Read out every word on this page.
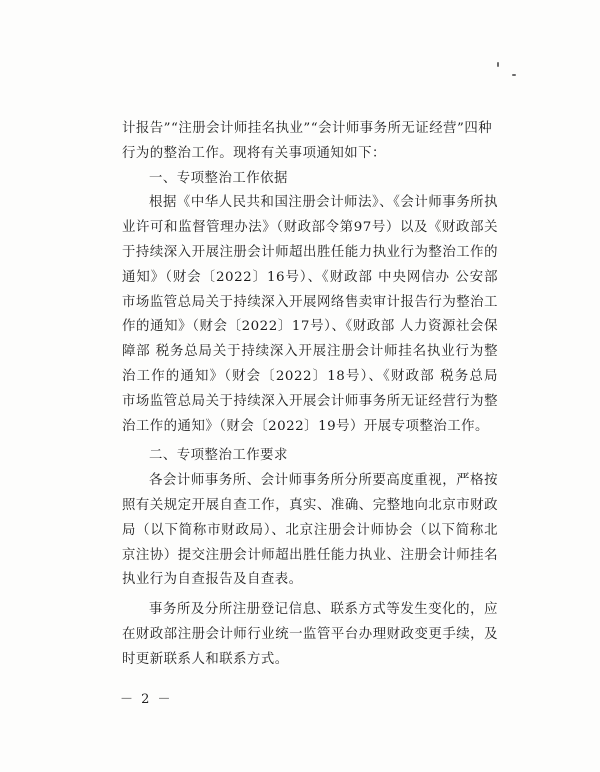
计报告”“注册会计师挂名执业”“会计师事务所无证经营”四种

行为的整治工作。现将有关事项通知如下：

一、专项整治工作依据

根据《中华人民共和国注册会计师法》、《会计师事务所执业许可和监督管理办法》（财政部令第97号）以及《财政部关于持续深入开展注册会计师超出胜任能力执业行为整治工作的通知》（财会〔2022〕16号）、《财政部 中央网信办 公安部 市场监管总局关于持续深入开展网络售卖审计报告行为整治工作的通知》（财会〔2022〕17号）、《财政部 人力资源社会保障部 税务总局关于持续深入开展注册会计师挂名执业行为整治工作的通知》（财会〔2022〕18号）、《财政部 税务总局 市场监管总局关于持续深入开展会计师事务所无证经营行为整治工作的通知》（财会〔2022〕19号）开展专项整治工作。

二、专项整治工作要求

各会计师事务所、会计师事务所分所要高度重视，严格按照有关规定开展自查工作，真实、准确、完整地向北京市财政局（以下简称市财政局）、北京注册会计师协会（以下简称北京注协）提交注册会计师超出胜任能力执业、注册会计师挂名执业行为自查报告及自查表。

事务所及分所注册登记信息、联系方式等发生变化的，应在财政部注册会计师行业统一监管平台办理财政变更手续，及时更新联系人和联系方式。

－ 2 －
